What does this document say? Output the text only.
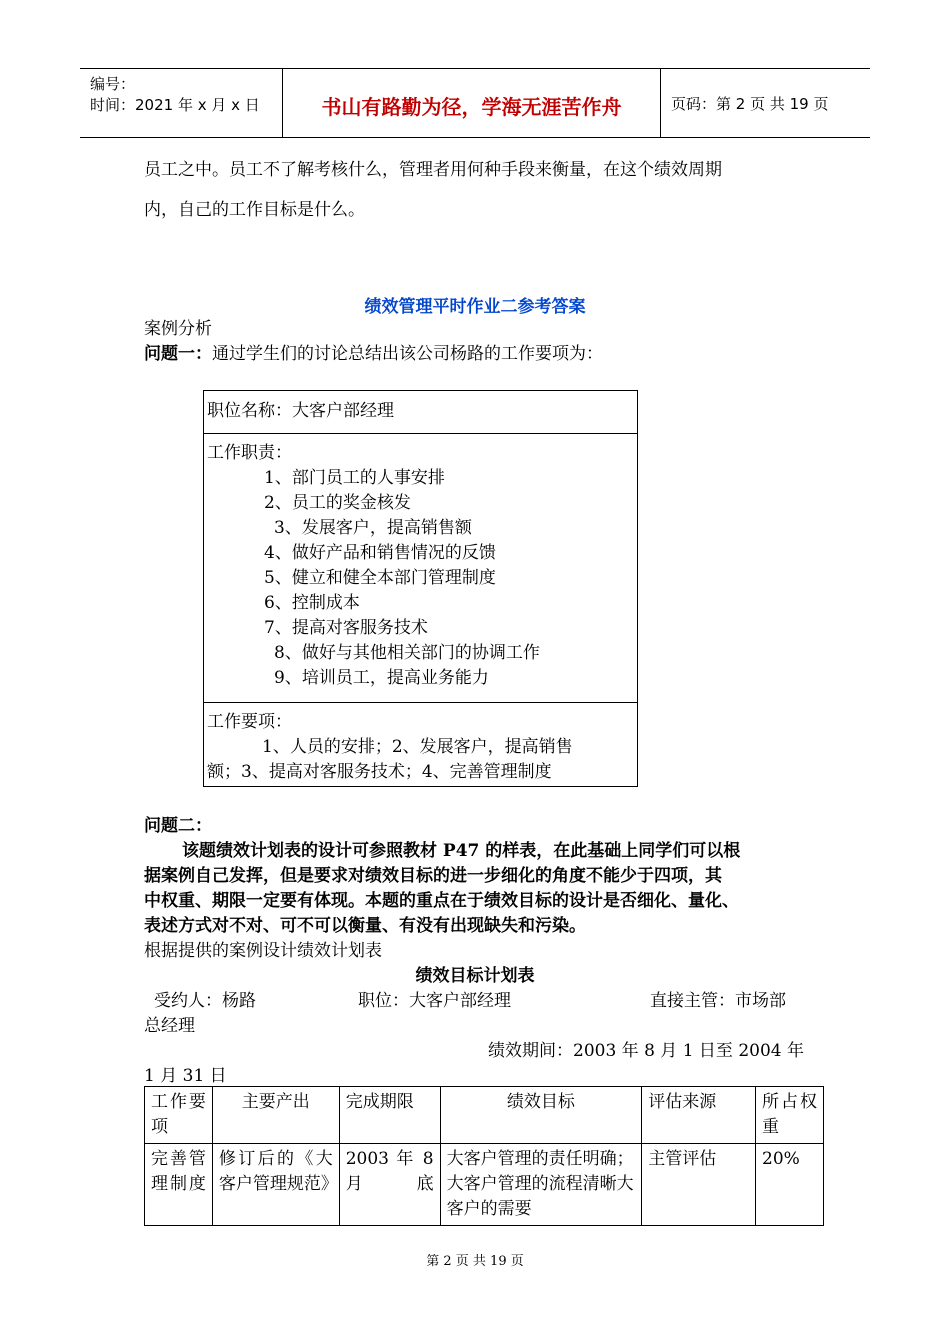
编号：
时间：2021 年 x 月 x 日	书山有路勤为径，学海无涯苦作舟	页码：第 2 页 共 19 页
员工之中。员工不了解考核什么，管理者用何种手段来衡量，在这个绩效周期
内，自己的工作目标是什么。
绩效管理平时作业二参考答案
案例分析
问题一：通过学生们的讨论总结出该公司杨路的工作要项为：
职位名称：大客户部经理
工作职责：
1、部门员工的人事安排
2、员工的奖金核发
3、发展客户，提高销售额
4、做好产品和销售情况的反馈
5、健立和健全本部门管理制度
6、控制成本
7、提高对客服务技术
8、做好与其他相关部门的协调工作
9、培训员工，提高业务能力
工作要项：
1、人员的安排；2、发展客户，提高销售
额；3、提高对客服务技术；4、完善管理制度
问题二：
该题绩效计划表的设计可参照教材 P47 的样表，在此基础上同学们可以根
据案例自己发挥，但是要求对绩效目标的进一步细化的角度不能少于四项，其
中权重、期限一定要有体现。本题的重点在于绩效目标的设计是否细化、量化、
表述方式对不对、可不可以衡量、有没有出现缺失和污染。
根据提供的案例设计绩效计划表
绩效目标计划表
受约人：杨路	职位：大客户部经理	直接主管：市场部
总经理
绩效期间：2003 年 8 月 1 日至 2004 年
1 月 31 日
工作要项	主要产出	完成期限	绩效目标	评估来源	所占权重
完善管理制度	修订后的《大客户管理规范》	2003 年 8 月底	大客户管理的责任明确；大客户管理的流程清晰大客户的需要	主管评估	20%
第 2 页 共 19 页
